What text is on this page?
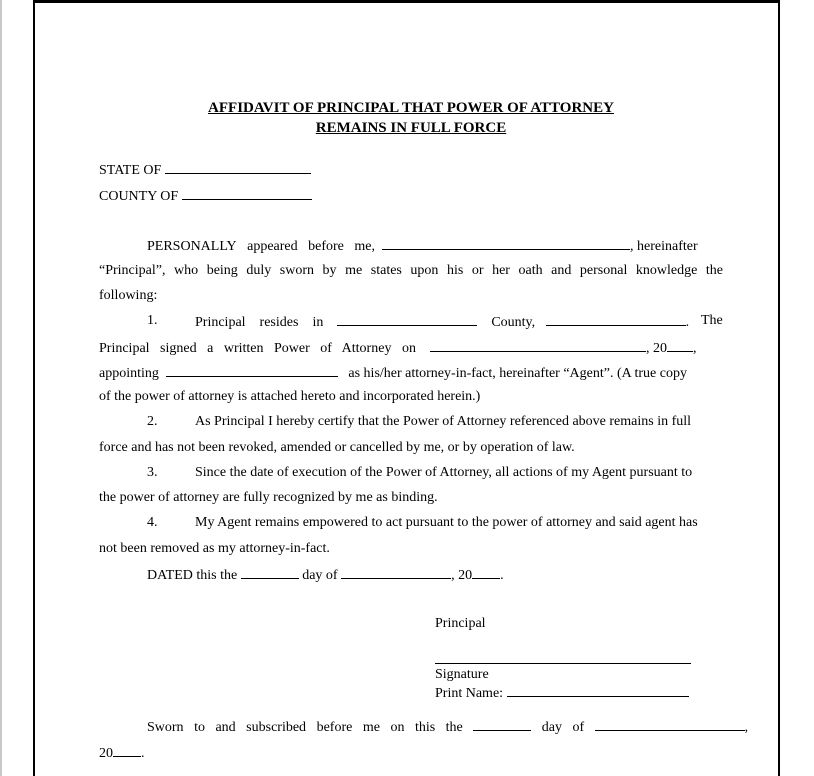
AFFIDAVIT OF PRINCIPAL THAT POWER OF ATTORNEY
REMAINS IN FULL FORCE
STATE OF
COUNTY OF
PERSONALLY appeared before me,	, hereinafter
“Principal”, who being duly sworn by me states upon his or her oath and personal knowledge the
following:
1.	Principal resides in	County,	. The
Principal signed a written Power of Attorney on	, 20 ,
appointing	as his/her attorney-in-fact, hereinafter “Agent”. (A true copy
of the power of attorney is attached hereto and incorporated herein.)
2.	As Principal I hereby certify that the Power of Attorney referenced above remains in full
force and has not been revoked, amended or cancelled by me, or by operation of law.
3.	Since the date of execution of the Power of Attorney, all actions of my Agent pursuant to
the power of attorney are fully recognized by me as binding.
4.	My Agent remains empowered to act pursuant to the power of attorney and said agent has
not been removed as my attorney-in-fact.
DATED this the	day of	, 20 .
Principal
Signature
Print Name:
Sworn to and subscribed before me on this the	day of	,
20 .
